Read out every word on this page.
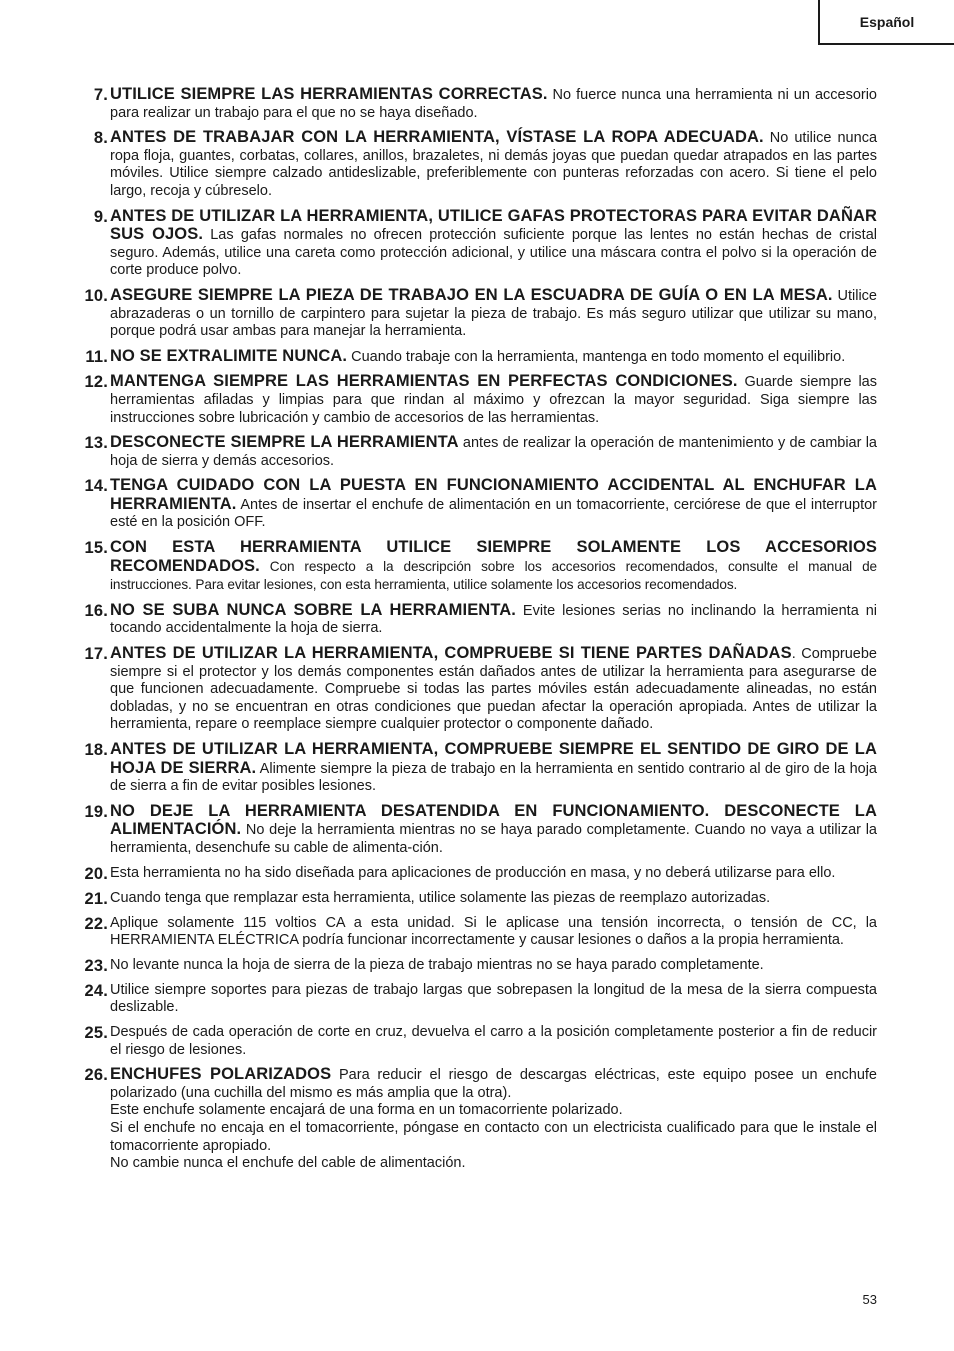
Español
7. UTILICE SIEMPRE LAS HERRAMIENTAS CORRECTAS. No fuerce nunca una herramienta ni un accesorio para realizar un trabajo para el que no se haya diseñado.
8. ANTES DE TRABAJAR CON LA HERRAMIENTA, VÍSTASE LA ROPA ADECUADA. No utilice nunca ropa floja, guantes, corbatas, collares, anillos, brazaletes, ni demás joyas que puedan quedar atrapados en las partes móviles. Utilice siempre calzado antideslizable, preferiblemente con punteras reforzadas con acero. Si tiene el pelo largo, recoja y cúbreselo.
9. ANTES DE UTILIZAR LA HERRAMIENTA, UTILICE GAFAS PROTECTORAS PARA EVITAR DAÑAR SUS OJOS. Las gafas normales no ofrecen protección suficiente porque las lentes no están hechas de cristal seguro. Además, utilice una careta como protección adicional, y utilice una máscara contra el polvo si la operación de corte produce polvo.
10. ASEGURE SIEMPRE LA PIEZA DE TRABAJO EN LA ESCUADRA DE GUÍA O EN LA MESA. Utilice abrazaderas o un tornillo de carpintero para sujetar la pieza de trabajo. Es más seguro utilizar que utilizar su mano, porque podrá usar ambas para manejar la herramienta.
11. NO SE EXTRALIMITE NUNCA. Cuando trabaje con la herramienta, mantenga en todo momento el equilibrio.
12. MANTENGA SIEMPRE LAS HERRAMIENTAS EN PERFECTAS CONDICIONES. Guarde siempre las herramientas afiladas y limpias para que rindan al máximo y ofrezcan la mayor seguridad. Siga siempre las instrucciones sobre lubricación y cambio de accesorios de las herramientas.
13. DESCONECTE SIEMPRE LA HERRAMIENTA antes de realizar la operación de mantenimiento y de cambiar la hoja de sierra y demás accesorios.
14. TENGA CUIDADO CON LA PUESTA EN FUNCIONAMIENTO ACCIDENTAL AL ENCHUFAR LA HERRAMIENTA. Antes de insertar el enchufe de alimentación en un tomacorriente, cerciórese de que el interruptor esté en la posición OFF.
15. CON ESTA HERRAMIENTA UTILICE SIEMPRE SOLAMENTE LOS ACCESORIOS RECOMENDADOS. Con respecto a la descripción sobre los accesorios recomendados, consulte el manual de instrucciones. Para evitar lesiones, con esta herramienta, utilice solamente los accesorios recomendados.
16. NO SE SUBA NUNCA SOBRE LA HERRAMIENTA. Evite lesiones serias no inclinando la herramienta ni tocando accidentalmente la hoja de sierra.
17. ANTES DE UTILIZAR LA HERRAMIENTA, COMPRUEBE SI TIENE PARTES DAÑADAS. Compruebe siempre si el protector y los demás componentes están dañados antes de utilizar la herramienta para asegurarse de que funcionen adecuadamente. Compruebe si todas las partes móviles están adecuadamente alineadas, no están dobladas, y no se encuentran en otras condiciones que puedan afectar la operación apropiada. Antes de utilizar la herramienta, repare o reemplace siempre cualquier protector o componente dañado.
18. ANTES DE UTILIZAR LA HERRAMIENTA, COMPRUEBE SIEMPRE EL SENTIDO DE GIRO DE LA HOJA DE SIERRA. Alimente siempre la pieza de trabajo en la herramienta en sentido contrario al de giro de la hoja de sierra a fin de evitar posibles lesiones.
19. NO DEJE LA HERRAMIENTA DESATENDIDA EN FUNCIONAMIENTO. DESCONECTE LA ALIMENTACIÓN. No deje la herramienta mientras no se haya parado completamente. Cuando no vaya a utilizar la herramienta, desenchufe su cable de alimenta-ción.
20. Esta herramienta no ha sido diseñada para aplicaciones de producción en masa, y no deberá utilizarse para ello.
21. Cuando tenga que remplazar esta herramienta, utilice solamente las piezas de reemplazo autorizadas.
22. Aplique solamente 115 voltios CA a esta unidad. Si le aplicase una tensión incorrecta, o tensión de CC, la HERRAMIENTA ELÉCTRICA podría funcionar incorrectamente y causar lesiones o daños a la propia herramienta.
23. No levante nunca la hoja de sierra de la pieza de trabajo mientras no se haya parado completamente.
24. Utilice siempre soportes para piezas de trabajo largas que sobrepasen la longitud de la mesa de la sierra compuesta deslizable.
25. Después de cada operación de corte en cruz, devuelva el carro a la posición completamente posterior a fin de reducir el riesgo de lesiones.
26. ENCHUFES POLARIZADOS Para reducir el riesgo de descargas eléctricas, este equipo posee un enchufe polarizado (una cuchilla del mismo es más amplia que la otra).

Este enchufe solamente encajará de una forma en un tomacorriente polarizado.

Si el enchufe no encaja en el tomacorriente, póngase en contacto con un electricista cualificado para que le instale el tomacorriente apropiado.

No cambie nunca el enchufe del cable de alimentación.

53
